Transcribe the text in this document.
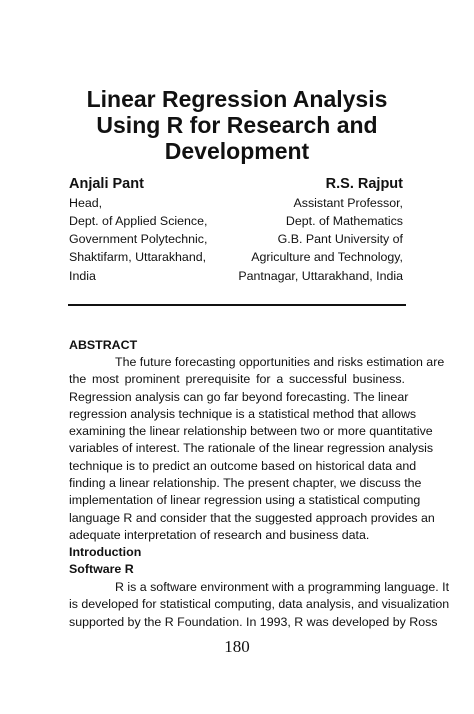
Linear Regression Analysis
Using R for Research and
Development
Anjali Pant
Head,
Dept. of Applied Science,
Government Polytechnic,
Shaktifarm, Uttarakhand,
India
R.S. Rajput
Assistant Professor,
Dept. of Mathematics
G.B. Pant University of
Agriculture and Technology,
Pantnagar, Uttarakhand, India
ABSTRACT
The future forecasting opportunities and risks estimation are
the most prominent prerequisite for a successful business.
Regression analysis can go far beyond forecasting. The linear
regression analysis technique is a statistical method that allows
examining the linear relationship between two or more quantitative
variables of interest. The rationale of the linear regression analysis
technique is to predict an outcome based on historical data and
finding a linear relationship. The present chapter, we discuss the
implementation of linear regression using a statistical computing
language R and consider that the suggested approach provides an
adequate interpretation of research and business data.
Introduction
Software R
R is a software environment with a programming language. It
is developed for statistical computing, data analysis, and visualization
supported by the R Foundation. In 1993, R was developed by Ross
180
